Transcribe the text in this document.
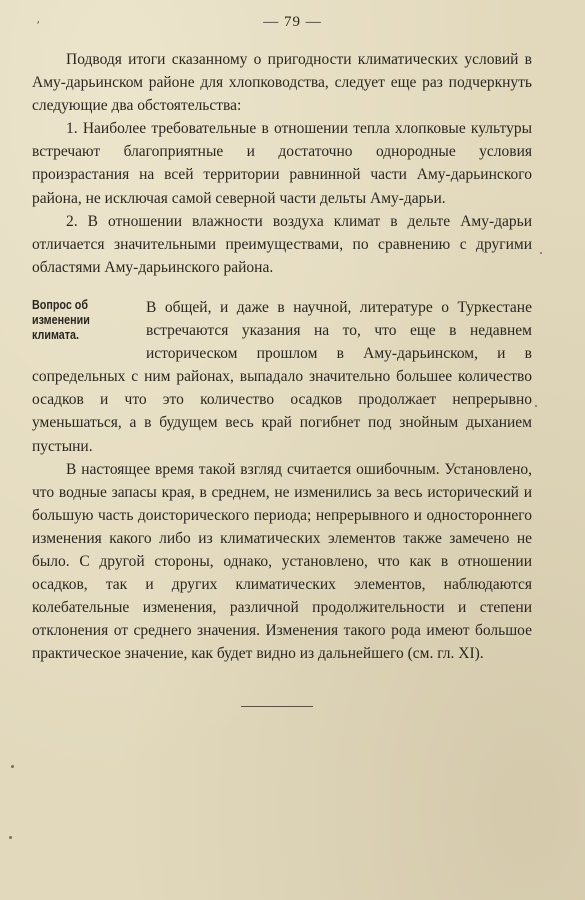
ʹ	— 79 —

Подводя итоги сказанному о пригодности климатических условий в Аму-дарьинском районе для хлопководства, следует еще раз подчеркнуть следующие два обстоятельства:

1. Наиболее требовательные в отношении тепла хлопковые культуры встречают благоприятные и достаточно однородные условия произрастания на всей территории равнинной части Аму-дарьинского района, не исключая самой северной части дельты Аму-дарьи.

2. В отношении влажности воздуха климат в дельте Аму-дарьи отличается значительными преимуществами, по сравнению с другими областями Аму-дарьинского района.

Вопрос об изменении климата.

В общей, и даже в научной, литературе о Туркестане встречаются указания на то, что еще в недавнем историческом прошлом в Аму-дарьинском, и в сопредельных с ним районах, выпадало значительно большее количество осадков и что это количество осадков продолжает непрерывно уменьшаться, а в будущем весь край погибнет под знойным дыханием пустыни.

В настоящее время такой взгляд считается ошибочным. Установлено, что водные запасы края, в среднем, не изменились за весь исторический и большую часть доисторического периода; непрерывного и одностороннего изменения какого либо из климатических элементов также замечено не было. С другой стороны, однако, установлено, что как в отношении осадков, так и других климатических элементов, наблюдаются колебательные изменения, различной продолжительности и степени отклонения от среднего значения. Изменения такого рода имеют большое практическое значение, как будет видно из дальнейшего (см. гл. XI).
